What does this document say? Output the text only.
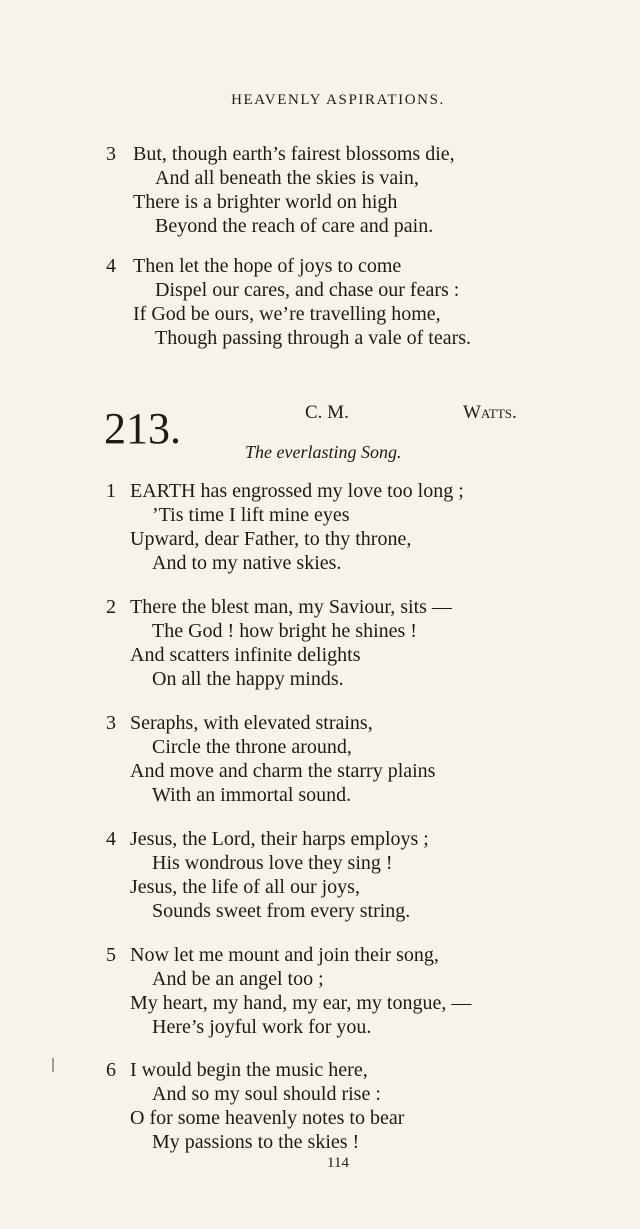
HEAVENLY ASPIRATIONS.
3 But, though earth’s fairest blossoms die,
And all beneath the skies is vain,
There is a brighter world on high
Beyond the reach of care and pain.
4 Then let the hope of joys to come
Dispel our cares, and chase our fears :
If God be ours, we’re travelling home,
Though passing through a vale of tears.
213.	C. M.	Watts.
The everlasting Song.
1 EARTH has engrossed my love too long ;
’Tis time I lift mine eyes
Upward, dear Father, to thy throne,
And to my native skies.
2 There the blest man, my Saviour, sits —
The God ! how bright he shines !
And scatters infinite delights
On all the happy minds.
3 Seraphs, with elevated strains,
Circle the throne around,
And move and charm the starry plains
With an immortal sound.
4 Jesus, the Lord, their harps employs ;
His wondrous love they sing !
Jesus, the life of all our joys,
Sounds sweet from every string.
5 Now let me mount and join their song,
And be an angel too ;
My heart, my hand, my ear, my tongue, —
Here’s joyful work for you.
6 I would begin the music here,
And so my soul should rise :
O for some heavenly notes to bear
My passions to the skies !
114
